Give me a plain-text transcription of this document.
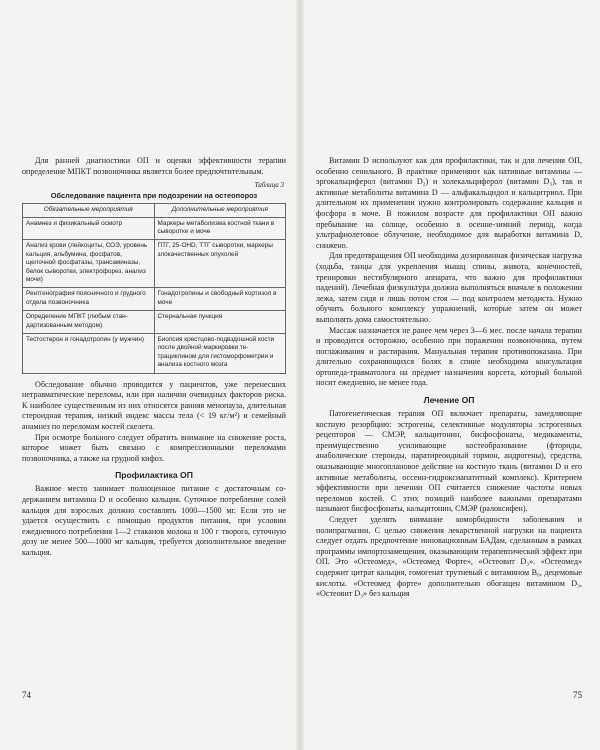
Для ранней диагностики ОП и оценки эффективности терапии определение МПКТ позвоночника является более предпочтительным.

Таблица 3
Обследование пациента при подозрении на остеопороз
Обязательные мероприятия	Дополнительные мероприятия
Анамнез и физикальный осмотр	Маркеры метаболизма костной ткани в сыворотке и моче
Анализ крови (лейкоциты, СОЭ, уровень кальция, альбумина, фосфатов, щелочной фосфатазы, трансаминазы, белок сыворотки, электрофорез, анализ мочи)	ПТГ, 25-OHD, ТТГ сыворотки, маркеры злокачественных опухолей
Рентгенография поясничного и грудного отдела позвоночника	Гонадотропины и свободный кортизол в моче
Определение МПКТ (любым стандартизованным методом)	Стернальная пункция
Тестостерон и гонадотропин (у мужчин)	Биопсия крестцово-подвздошной кости после двойной маркировки тетрациклином для гистоморфометрии и анализа костного мозга

Обследование обычно проводится у пациентов, уже перенесших нетравматические переломы, или при наличии очевидных факторов риска. К наиболее существенным из них относятся ранняя менопауза, длительная стероидная терапия, низкий индекс массы тела (< 19 кг/м²) и семейный анамнез по переломам костей скелета.

При осмотре больного следует обратить внимание на снижение роста, которое может быть связано с компрессионными переломами позвоночника, а также на грудной кифоз.

Профилактика ОП

Важное место занимает полноценное питание с достаточным содержанием витамина D и особенно кальция. Суточное потребление солей кальция для взрослых должно составлять 1000—1500 мг. Если это не удается осуществить с помощью продуктов питания, при условии ежедневного потребления 1—2 стаканов молока и 100 г творога, суточную дозу не менее 500—1000 мг кальция, требуется дополнительное введение кальция.

74

Витамин D используют как для профилактики, так и для лечения ОП, особенно сенильного. В практике применяют как нативные витамины — эргокальциферол (витамин D₂) и холекальциферол (витамин D₃), так и активные метаболиты витамина D — альфакальцидол и кальцитриол. При длительном их применении нужно контролировать содержание кальция и фосфора в моче. В пожилом возрасте для профилактики ОП важно пребывание на солнце, особенно в осенне-зимний период, когда ультрафиолетовое облучение, необходимое для выработки витамина D, снижено.

Для предотвращения ОП необходима дозированная физическая нагрузка (ходьба, танцы для укрепления мышц спины, живота, конечностей, тренировки вестибулярного аппарата, что важно для профилактики падений). Лечебная физкультура должна выполняться вначале в положении лежа, затем сидя и лишь потом стоя — под контролем методиста. Нужно обучить больного комплексу упражнений, которые затем он может выполнять дома самостоятельно.

Массаж назначается не ранее чем через 3—6 мес. после начала терапии и проводится осторожно, особенно при поражении позвоночника, путем поглаживания и растирания. Мануальная терапия противопоказана. При длительно сохраняющихся болях в спине необходима консультация ортопеда-травматолога на предмет назначения корсета, который больной носит ежедневно, не менее года.

Лечение ОП

Патогенетическая терапия ОП включает препараты, замедляющие костную резорбцию: эстрогены, селективные модуляторы эстрогенных рецепторов — СМЭР, кальцитонин, бисфосфонаты, медикаменты, преимущественно усиливающие костеобразование (фториды, анаболические стероиды, паратиреоидный гормон, андрогены), средства, оказывающие многоплановое действие на костную ткань (витамин D и его активные метаболиты, оссеин-гидроксиапатитный комплекс). Критерием эффективности при лечении ОП считается снижение частоты новых переломов костей. С этих позиций наиболее важными препаратами называют бисфосфонаты, кальцитонин, СМЭР (ралоксифен).

Следует уделять внимание коморбидности заболевания и полипрагмазии. С целью снижения лекарственной нагрузки на пациента следует отдать предпочтение инновационным БАДам, сделанным в рамках программы импортозамещения, оказывающим терапевтический эффект при ОП. Это «Остеомед», «Остеомед Форте», «Остеовит D₃». «Остеомед» содержит цитрат кальция, гомогенат трутневый с витамином B₆, децемовые кислоты. «Остеомед форте» дополнительно обогащен витамином D₃, «Остеовит D₃» без кальция

75
